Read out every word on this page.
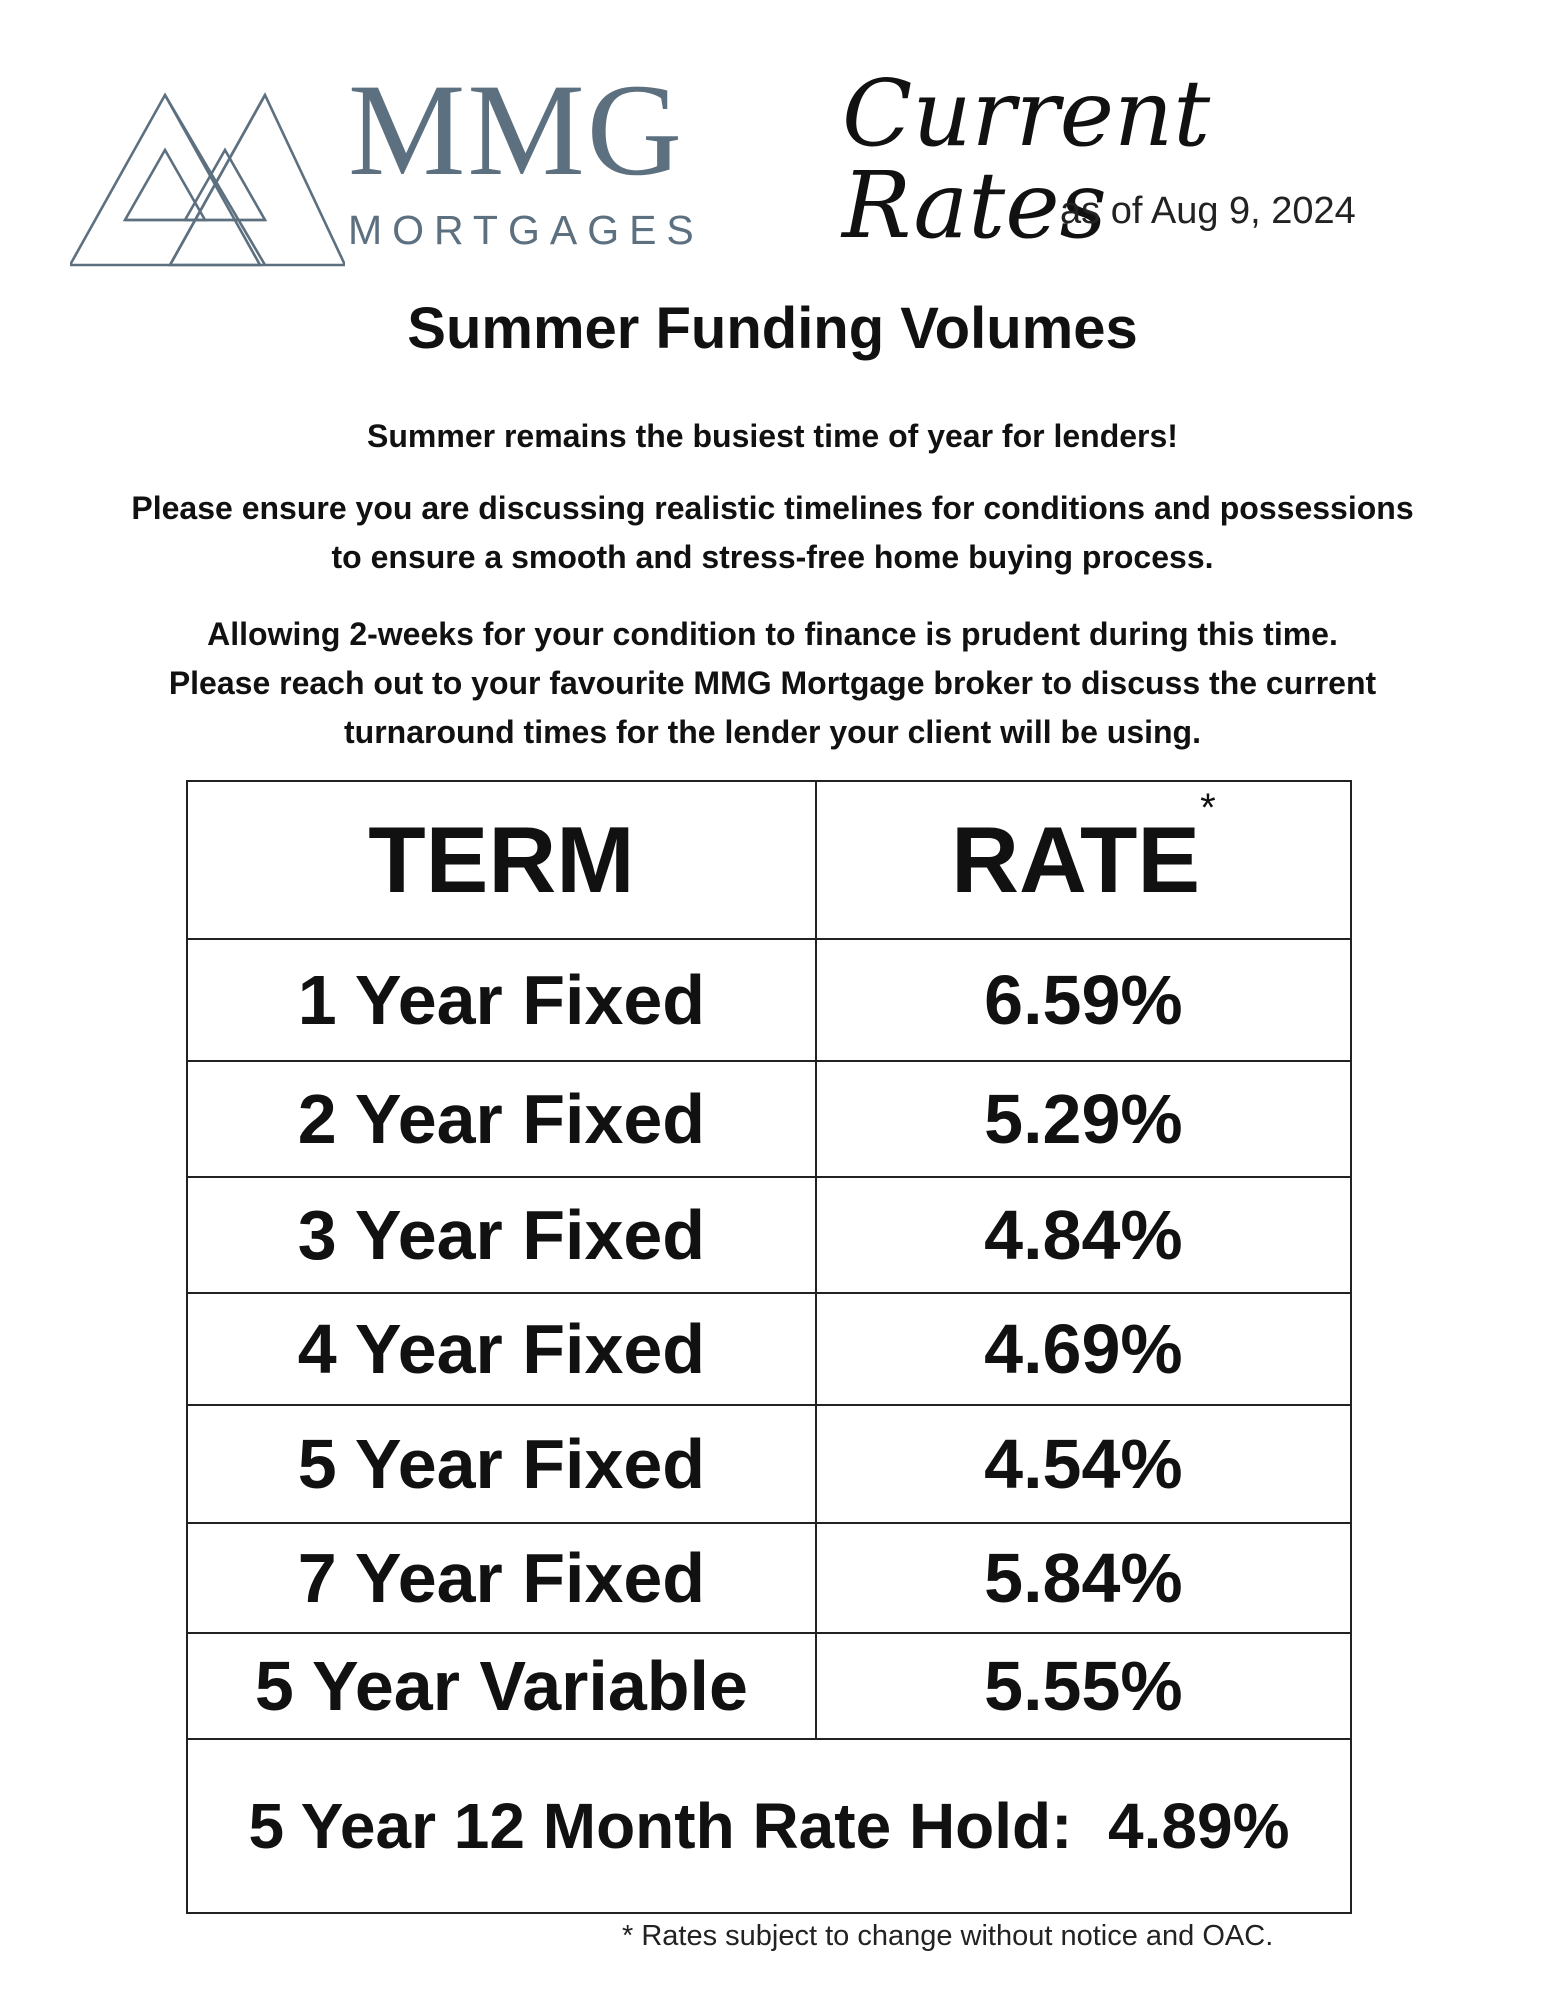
MMG
MORTGAGES
Current Rates
as of Aug 9, 2024
Summer Funding Volumes
Summer remains the busiest time of year for lenders!
Please ensure you are discussing realistic timelines for conditions and possessions
to ensure a smooth and stress-free home buying process.
Allowing 2-weeks for your condition to finance is prudent during this time.
Please reach out to your favourite MMG Mortgage broker to discuss the current
turnaround times for the lender your client will be using.
TERM	RATE*
1 Year Fixed	6.59%
2 Year Fixed	5.29%
3 Year Fixed	4.84%
4 Year Fixed	4.69%
5 Year Fixed	4.54%
7 Year Fixed	5.84%
5 Year Variable	5.55%
5 Year 12 Month Rate Hold:  4.89%	
* Rates subject to change without notice and OAC.
